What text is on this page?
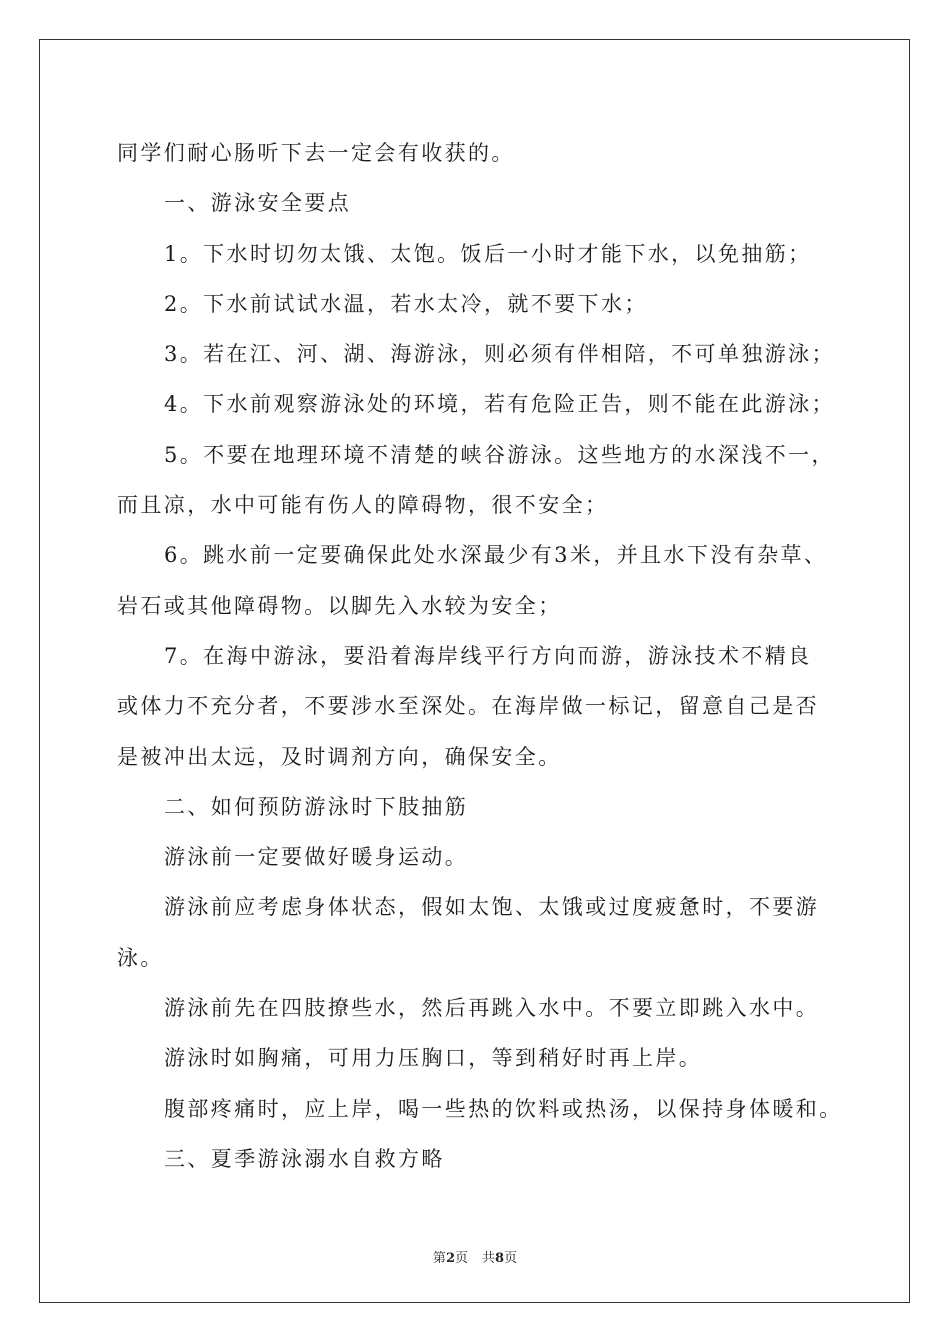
同学们耐心肠听下去一定会有收获的。

一、游泳安全要点

1。下水时切勿太饿、太饱。饭后一小时才能下水，以免抽筋；

2。下水前试试水温，若水太冷，就不要下水；

3。若在江、河、湖、海游泳，则必须有伴相陪，不可单独游泳；

4。下水前观察游泳处的环境，若有危险正告，则不能在此游泳；

5。不要在地理环境不清楚的峡谷游泳。这些地方的水深浅不一，

而且凉，水中可能有伤人的障碍物，很不安全；

6。跳水前一定要确保此处水深最少有3米，并且水下没有杂草、

岩石或其他障碍物。以脚先入水较为安全；

7。在海中游泳，要沿着海岸线平行方向而游，游泳技术不精良

或体力不充分者，不要涉水至深处。在海岸做一标记，留意自己是否

是被冲出太远，及时调剂方向，确保安全。

二、如何预防游泳时下肢抽筋

游泳前一定要做好暖身运动。

游泳前应考虑身体状态，假如太饱、太饿或过度疲惫时，不要游

泳。

游泳前先在四肢撩些水，然后再跳入水中。不要立即跳入水中。

游泳时如胸痛，可用力压胸口，等到稍好时再上岸。

腹部疼痛时，应上岸，喝一些热的饮料或热汤，以保持身体暖和。

三、夏季游泳溺水自救方略

第2页 共8页
